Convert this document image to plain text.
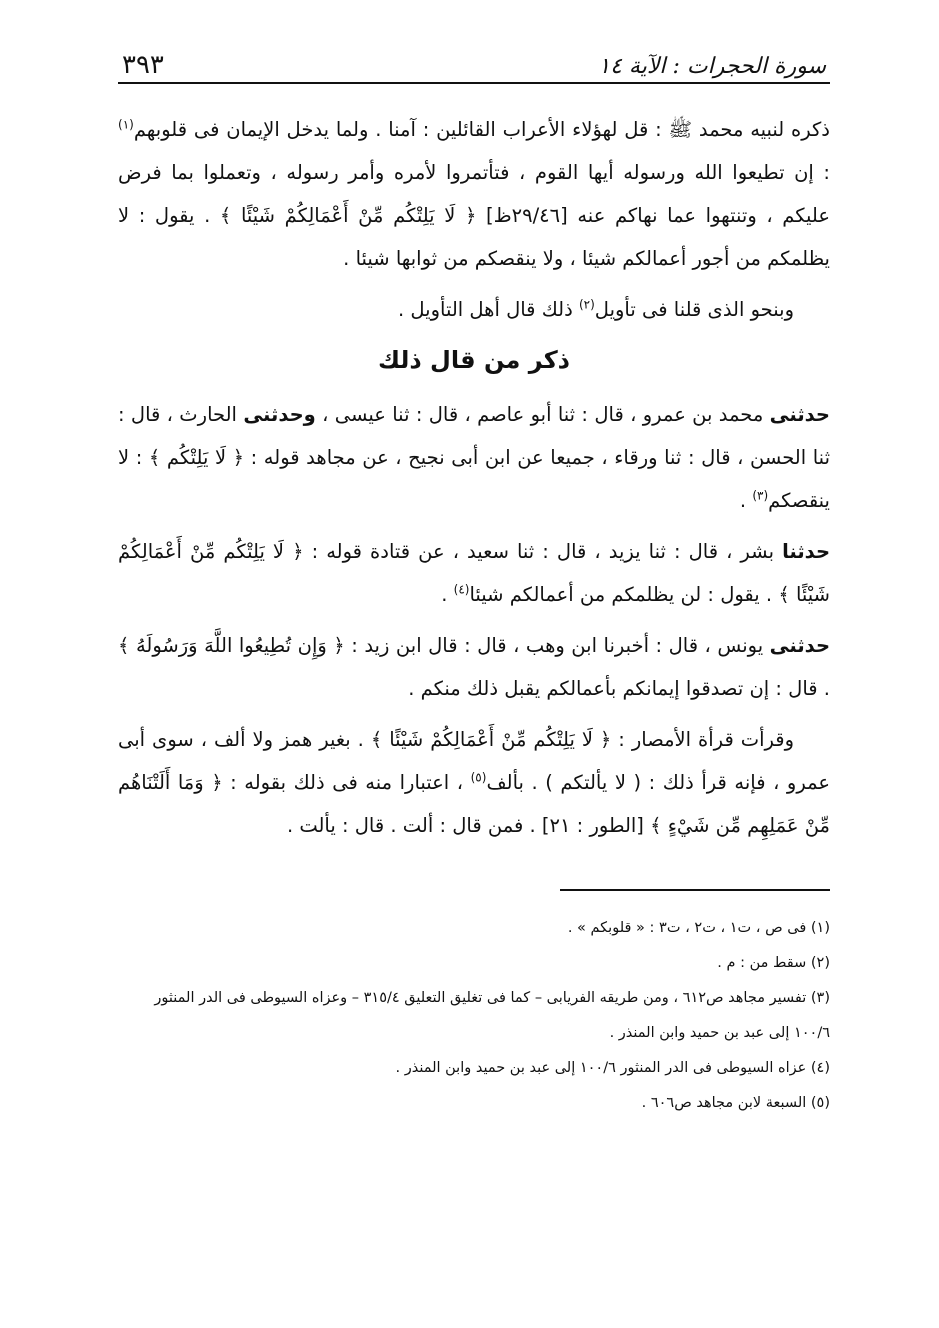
٣٩٣	سورة الحجرات : الآية ١٤

ذكره لنبيه محمد ﷺ : قل لهؤلاء الأعراب القائلين : آمنا . ولما يدخل الإيمان فى قلوبهم$^{(١)}$ : إن تطيعوا الله ورسوله أيها القوم ، فتأتمروا لأمره وأمر رسوله ، وتعملوا بما فرض عليكم ، وتنتهوا عما نهاكم عنه [٢٩/٤٦ظ] ﴿ لَا يَلِتْكُم مِّنْ أَعْمَالِكُمْ شَيْئًا ﴾ . يقول : لا يظلمكم من أجور أعمالكم شيئا ، ولا ينقصكم من ثوابها شيئا .

وبنحو الذى قلنا فى تأويل$^{(٢)}$ ذلك قال أهل التأويل .

ذكر من قال ذلك

حدثنى محمد بن عمرو ، قال : ثنا أبو عاصم ، قال : ثنا عيسى ، وحدثنى الحارث ، قال : ثنا الحسن ، قال : ثنا ورقاء ، جميعا عن ابن أبى نجيح ، عن مجاهد قوله : ﴿ لَا يَلِتْكُم ﴾ : لا ينقصكم$^{(٣)}$ .

حدثنا بشر ، قال : ثنا يزيد ، قال : ثنا سعيد ، عن قتادة قوله : ﴿ لَا يَلِتْكُم مِّنْ أَعْمَالِكُمْ شَيْئًا ﴾ . يقول : لن يظلمكم من أعمالكم شيئا$^{(٤)}$ .

حدثنى يونس ، قال : أخبرنا ابن وهب ، قال : قال ابن زيد : ﴿ وَإِن تُطِيعُوا اللَّهَ وَرَسُولَهُ ﴾ . قال : إن تصدقوا إيمانكم بأعمالكم يقبل ذلك منكم .

وقرأت قرأة الأمصار : ﴿ لَا يَلِتْكُم مِّنْ أَعْمَالِكُمْ شَيْئًا ﴾ . بغير همز ولا ألف ، سوى أبى عمرو ، فإنه قرأ ذلك : ( لا يألتكم ) . بألف$^{(٥)}$ ، اعتبارا منه فى ذلك بقوله : ﴿ وَمَا أَلَتْنَاهُم مِّنْ عَمَلِهِم مِّن شَيْءٍ ﴾ [الطور : ٢١] . فمن قال : ألت . قال : يألت .

(١) فى ص ، ت١ ، ت٢ ، ت٣ : « قلوبكم » .

(٢) سقط من : م .

(٣) تفسير مجاهد ص٦١٢ ، ومن طريقه الفريابى – كما فى تغليق التعليق ٣١٥/٤ – وعزاه السيوطى فى الدر المنثور ١٠٠/٦ إلى عبد بن حميد وابن المنذر .

(٤) عزاه السيوطى فى الدر المنثور ١٠٠/٦ إلى عبد بن حميد وابن المنذر .

(٥) السبعة لابن مجاهد ص٦٠٦ .
